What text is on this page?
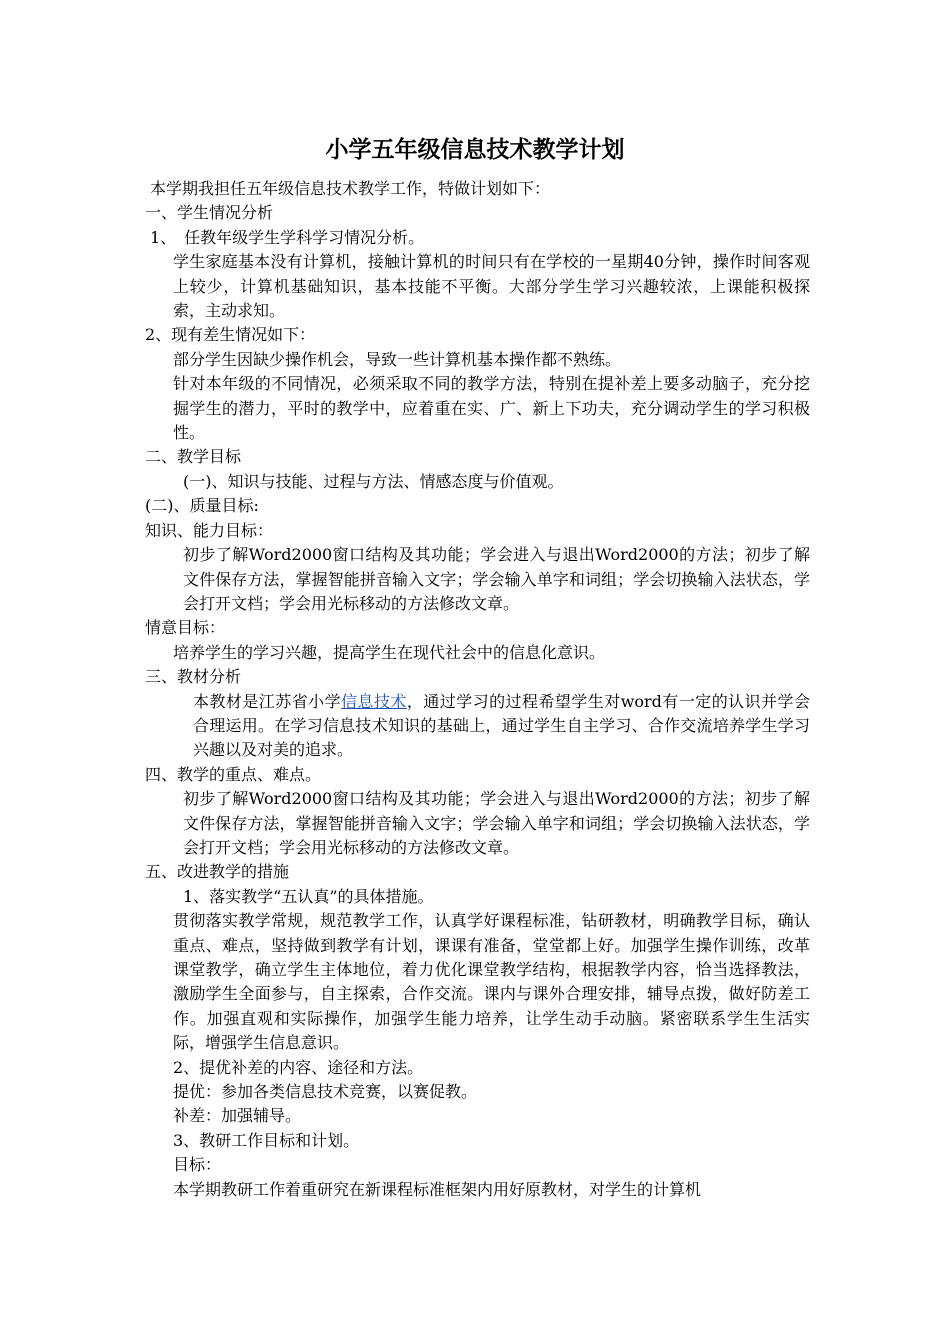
小学五年级信息技术教学计划

本学期我担任五年级信息技术教学工作，特做计划如下：

一、学生情况分析

1、　任教年级学生学科学习情况分析。

学生家庭基本没有计算机，接触计算机的时间只有在学校的一星期40分钟，操作时间客观上较少，计算机基础知识，基本技能不平衡。大部分学生学习兴趣较浓，上课能积极探索，主动求知。

2、现有差生情况如下：

部分学生因缺少操作机会，导致一些计算机基本操作都不熟练。

针对本年级的不同情况，必须采取不同的教学方法，特别在提补差上要多动脑子，充分挖掘学生的潜力，平时的教学中，应着重在实、广、新上下功夫，充分调动学生的学习积极性。

二、教学目标

(一)、知识与技能、过程与方法、情感态度与价值观。

(二)、质量目标:

知识、能力目标：

初步了解Word2000窗口结构及其功能；学会进入与退出Word2000的方法；初步了解文件保存方法，掌握智能拼音输入文字；学会输入单字和词组；学会切换输入法状态，学会打开文档；学会用光标移动的方法修改文章。

情意目标：

培养学生的学习兴趣，提高学生在现代社会中的信息化意识。

三、教材分析

本教材是江苏省小学信息技术，通过学习的过程希望学生对word有一定的认识并学会合理运用。在学习信息技术知识的基础上，通过学生自主学习、合作交流培养学生学习兴趣以及对美的追求。

四、教学的重点、难点。

初步了解Word2000窗口结构及其功能；学会进入与退出Word2000的方法；初步了解文件保存方法，掌握智能拼音输入文字；学会输入单字和词组；学会切换输入法状态，学会打开文档；学会用光标移动的方法修改文章。

五、改进教学的措施

1、落实教学“五认真”的具体措施。

贯彻落实教学常规，规范教学工作，认真学好课程标准，钻研教材，明确教学目标，确认重点、难点，坚持做到教学有计划，课课有准备，堂堂都上好。加强学生操作训练，改革课堂教学，确立学生主体地位，着力优化课堂教学结构，根据教学内容，恰当选择教法，激励学生全面参与，自主探索，合作交流。课内与课外合理安排，辅导点拨，做好防差工作。加强直观和实际操作，加强学生能力培养，让学生动手动脑。紧密联系学生生活实际，增强学生信息意识。

2、提优补差的内容、途径和方法。

提优：参加各类信息技术竞赛，以赛促教。

补差：加强辅导。

3、教研工作目标和计划。

目标：

本学期教研工作着重研究在新课程标准框架内用好原教材，对学生的计算机
